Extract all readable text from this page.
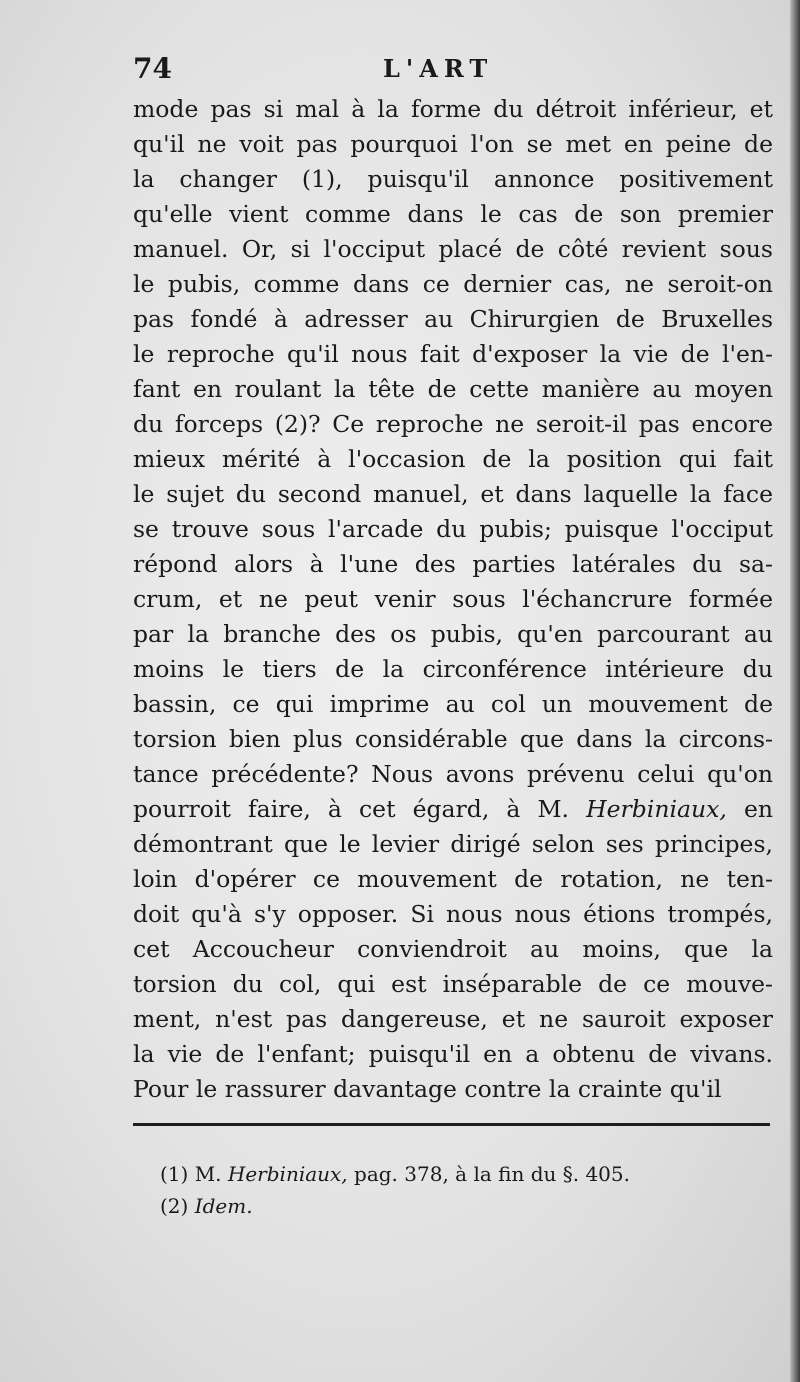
74	L'ART
mode pas si mal à la forme du détroit inférieur, et
qu'il ne voit pas pourquoi l'on se met en peine de
la changer (1), puisqu'il annonce positivement
qu'elle vient comme dans le cas de son premier
manuel. Or, si l'occiput placé de côté revient sous
le pubis, comme dans ce dernier cas, ne seroit-on
pas fondé à adresser au Chirurgien de Bruxelles
le reproche qu'il nous fait d'exposer la vie de l'en-
fant en roulant la tête de cette manière au moyen
du forceps (2)? Ce reproche ne seroit-il pas encore
mieux mérité à l'occasion de la position qui fait
le sujet du second manuel, et dans laquelle la face
se trouve sous l'arcade du pubis; puisque l'occiput
répond alors à l'une des parties latérales du sa-
crum, et ne peut venir sous l'échancrure formée
par la branche des os pubis, qu'en parcourant au
moins le tiers de la circonférence intérieure du
bassin, ce qui imprime au col un mouvement de
torsion bien plus considérable que dans la circons-
tance précédente? Nous avons prévenu celui qu'on
pourroit faire, à cet égard, à M. Herbiniaux, en
démontrant que le levier dirigé selon ses principes,
loin d'opérer ce mouvement de rotation, ne ten-
doit qu'à s'y opposer. Si nous nous étions trompés,
cet Accoucheur conviendroit au moins, que la
torsion du col, qui est inséparable de ce mouve-
ment, n'est pas dangereuse, et ne sauroit exposer
la vie de l'enfant; puisqu'il en a obtenu de vivans.
Pour le rassurer davantage contre la crainte qu'il
(1) M. Herbiniaux, pag. 378, à la fin du §. 405.
(2) Idem.
